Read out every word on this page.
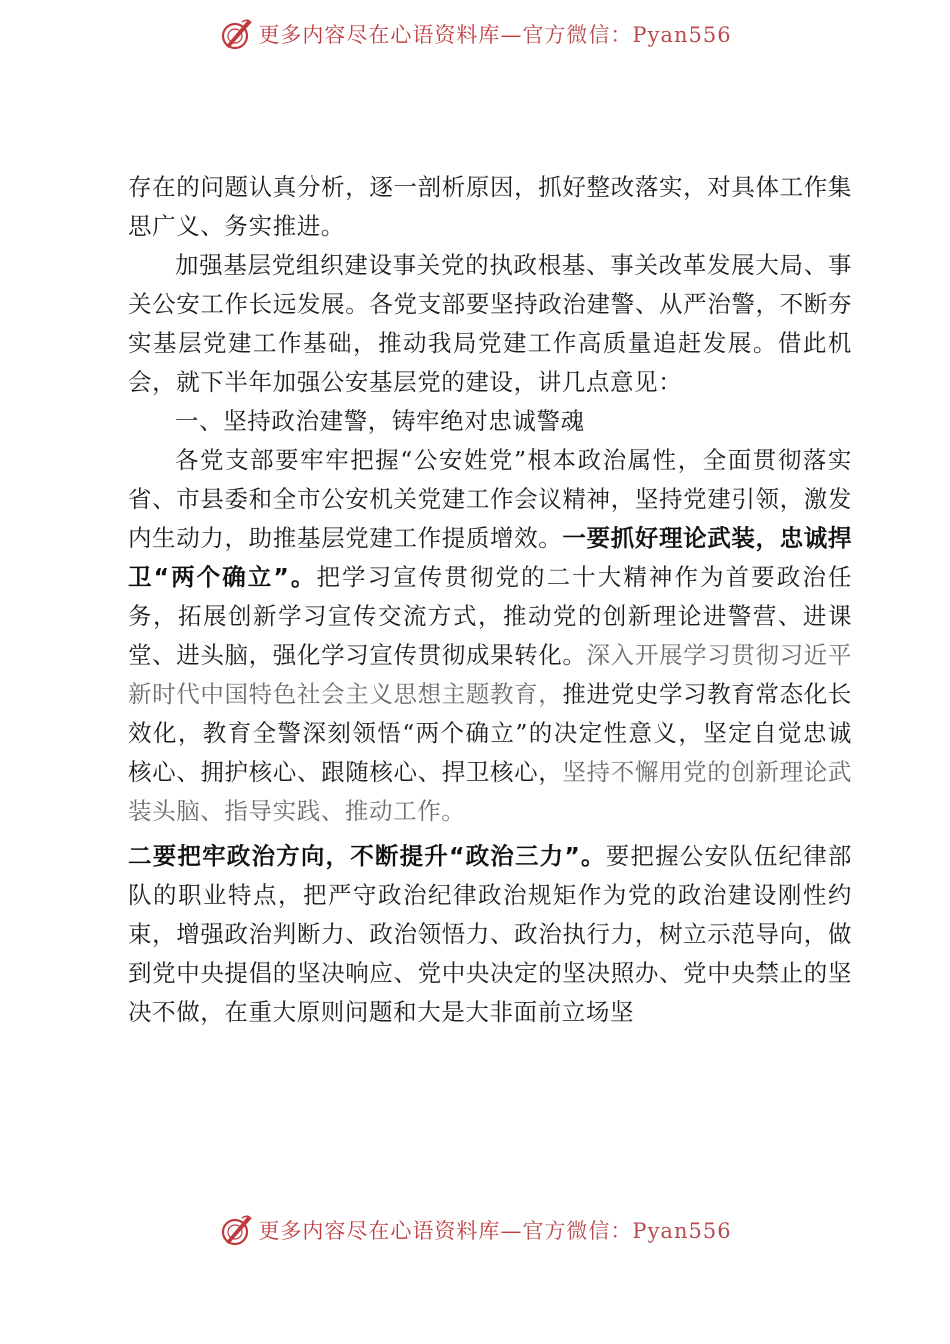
更多内容尽在心语资料库—官方微信：Pyan556

存在的问题认真分析，逐一剖析原因，抓好整改落实，对具体工作集思广义、务实推进。

加强基层党组织建设事关党的执政根基、事关改革发展大局、事关公安工作长远发展。各党支部要坚持政治建警、从严治警，不断夯实基层党建工作基础，推动我局党建工作高质量追赶发展。借此机会，就下半年加强公安基层党的建设，讲几点意见：

一、坚持政治建警，铸牢绝对忠诚警魂

各党支部要牢牢把握“公安姓党”根本政治属性，全面贯彻落实省、市县委和全市公安机关党建工作会议精神，坚持党建引领，激发内生动力，助推基层党建工作提质增效。一要抓好理论武装，忠诚捍卫“两个确立”。把学习宣传贯彻党的二十大精神作为首要政治任务，拓展创新学习宣传交流方式，推动党的创新理论进警营、进课堂、进头脑，强化学习宣传贯彻成果转化。深入开展学习贯彻习近平新时代中国特色社会主义思想主题教育，推进党史学习教育常态化长效化，教育全警深刻领悟“两个确立”的决定性意义，坚定自觉忠诚核心、拥护核心、跟随核心、捍卫核心，坚持不懈用党的创新理论武装头脑、指导实践、推动工作。

二要把牢政治方向，不断提升“政治三力”。要把握公安队伍纪律部队的职业特点，把严守政治纪律政治规矩作为党的政治建设刚性约束，增强政治判断力、政治领悟力、政治执行力，树立示范导向，做到党中央提倡的坚决响应、党中央决定的坚决照办、党中央禁止的坚决不做，在重大原则问题和大是大非面前立场坚

更多内容尽在心语资料库—官方微信：Pyan556
